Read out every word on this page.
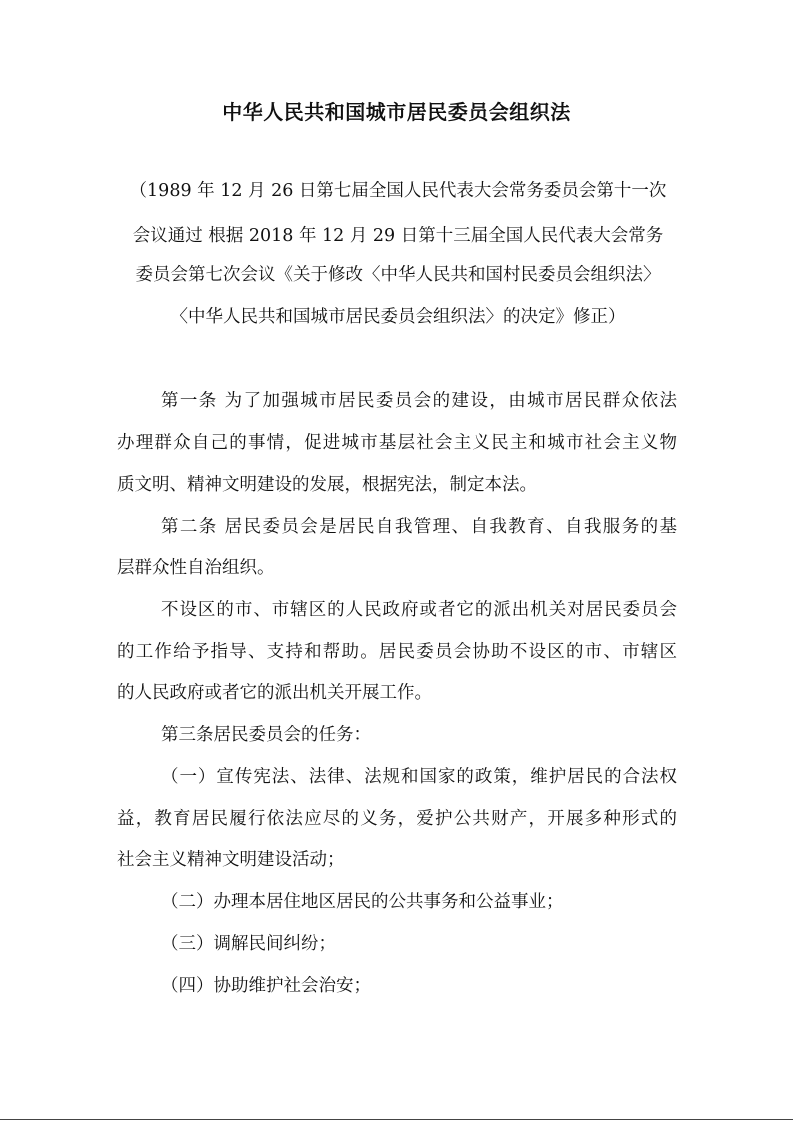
中华人民共和国城市居民委员会组织法
（1989 年 12 月 26 日第七届全国人民代表大会常务委员会第十一次
会议通过 根据 2018 年 12 月 29 日第十三届全国人民代表大会常务
委员会第七次会议《关于修改〈中华人民共和国村民委员会组织法〉
〈中华人民共和国城市居民委员会组织法〉的决定》修正）
第一条 为了加强城市居民委员会的建设，由城市居民群众依法
办理群众自己的事情，促进城市基层社会主义民主和城市社会主义物
质文明、精神文明建设的发展，根据宪法，制定本法。
第二条 居民委员会是居民自我管理、自我教育、自我服务的基
层群众性自治组织。
不设区的市、市辖区的人民政府或者它的派出机关对居民委员会
的工作给予指导、支持和帮助。居民委员会协助不设区的市、市辖区
的人民政府或者它的派出机关开展工作。
第三条居民委员会的任务：
（一）宣传宪法、法律、法规和国家的政策，维护居民的合法权
益，教育居民履行依法应尽的义务，爱护公共财产，开展多种形式的
社会主义精神文明建设活动；
（二）办理本居住地区居民的公共事务和公益事业；
（三）调解民间纠纷；
（四）协助维护社会治安；
